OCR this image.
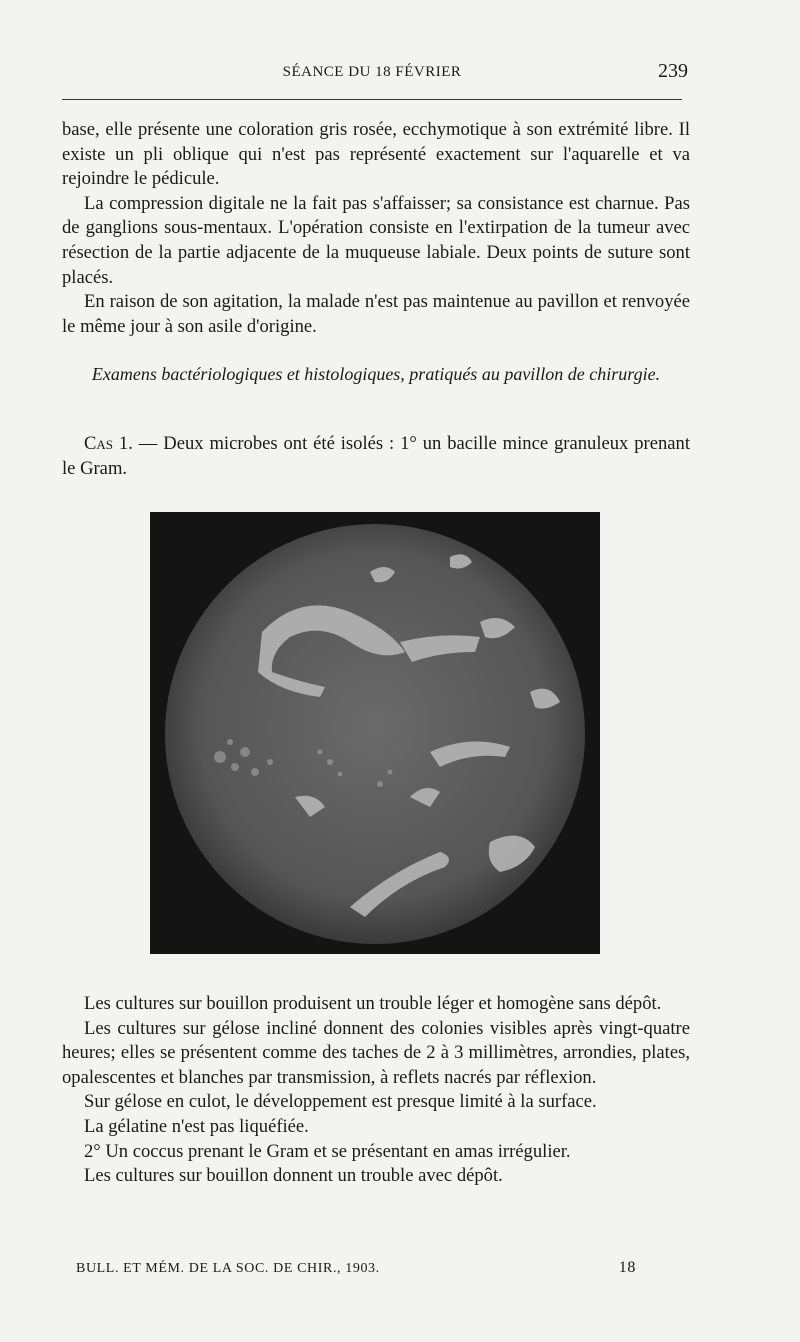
SÉANCE DU 18 FÉVRIER	239

base, elle présente une coloration gris rosée, ecchymotique à son extrémité libre. Il existe un pli oblique qui n'est pas représenté exactement sur l'aquarelle et va rejoindre le pédicule.

La compression digitale ne la fait pas s'affaisser; sa consistance est charnue. Pas de ganglions sous-mentaux. L'opération consiste en l'extirpation de la tumeur avec résection de la partie adjacente de la muqueuse labiale. Deux points de suture sont placés.

En raison de son agitation, la malade n'est pas maintenue au pavillon et renvoyée le même jour à son asile d'origine.

Examens bactériologiques et histologiques, pratiqués au pavillon de chirurgie.

Cas 1. — Deux microbes ont été isolés : 1° un bacille mince granuleux prenant le Gram.

Les cultures sur bouillon produisent un trouble léger et homogène sans dépôt.

Les cultures sur gélose incliné donnent des colonies visibles après vingt-quatre heures; elles se présentent comme des taches de 2 à 3 millimètres, arrondies, plates, opalescentes et blanches par transmission, à reflets nacrés par réflexion.

Sur gélose en culot, le développement est presque limité à la surface.

La gélatine n'est pas liquéfiée.

2° Un coccus prenant le Gram et se présentant en amas irrégulier.

Les cultures sur bouillon donnent un trouble avec dépôt.

BULL. ET MÉM. DE LA SOC. DE CHIR., 1903.	18
